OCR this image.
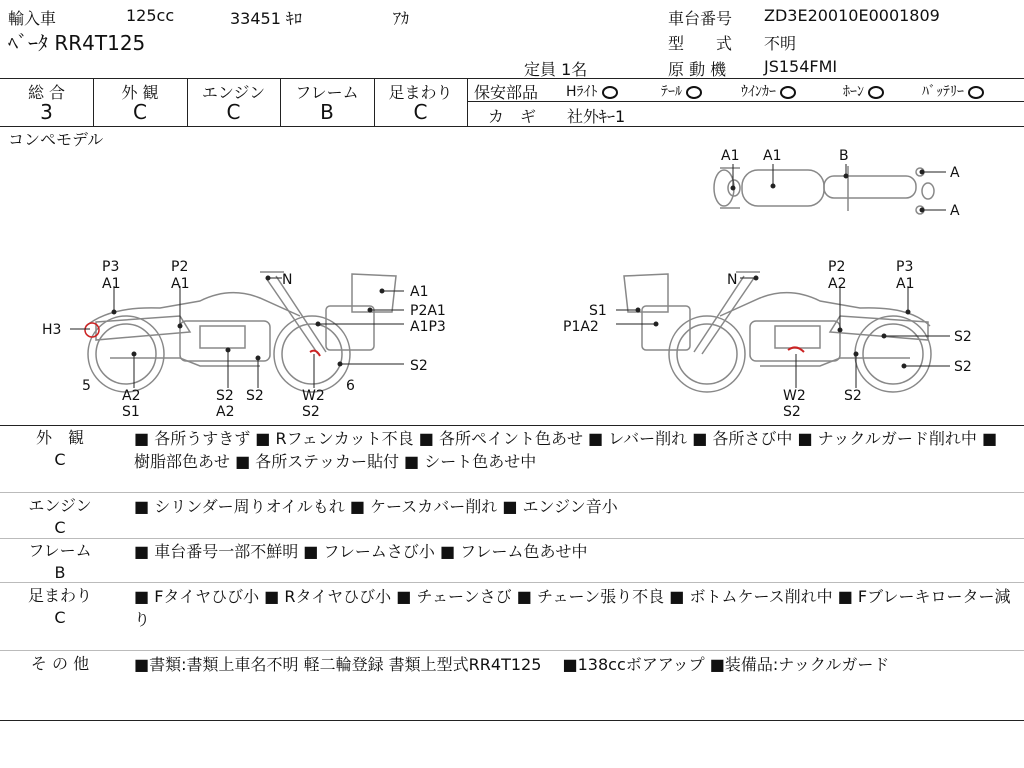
輸入車	125cc	33451 ｷﾛ	ｱｶ
ﾍﾞｰﾀ RR4T125
定員 1名
車台番号 ZD3E20010E0001809
型　　式 不明
原 動 機 JS154FMI
総 合
3
外 観
C
エンジン
C
フレーム
B
足まわり
C
保安部品 Hﾗｲﾄ	ﾃｰﾙ	ｳｲﾝｶｰ	ﾎｰﾝ	ﾊﾞｯﾃﾘｰ
カ　ギ 社外ｷｰ1
コンペモデル
A1 A1	B
A
A
P3
A1
P2
A1	N
A1
P2A1
A1P3
H3
S2
5
A2
S1
S2
A2
S2	W2
S2
6
N
P2
A2
P3
A1
S1
P1A2
S2
S2
W2
S2
S2
外　観
C
■ 各所うすきず ■ Rフェンカット不良 ■ 各所ペイント色あせ ■ レバー削れ ■ 各所さび中 ■ ナックルガード削れ中 ■ 樹脂部色あせ ■ 各所ステッカー貼付 ■ シート色あせ中
エンジン
C
■ シリンダー周りオイルもれ ■ ケースカバー削れ ■ エンジン音小
フレーム
B
■ 車台番号一部不鮮明 ■ フレームさび小 ■ フレーム色あせ中
足まわり
C
■ Fタイヤひび小 ■ Rタイヤひび小 ■ チェーンさび ■ チェーン張り不良 ■ ボトムケース削れ中 ■ Fブレーキローター減り
そ の 他	■書類:書類上車名不明 軽二輪登録 書類上型式RR4T125 　■138ccボアアップ ■装備品:ナックルガード
